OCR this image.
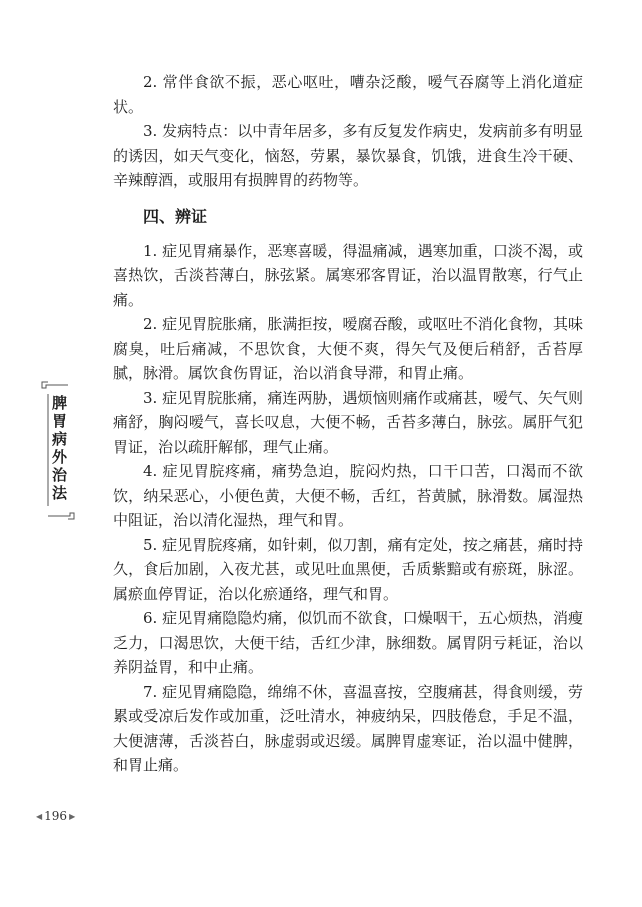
2. 常伴食欲不振，恶心呕吐，嘈杂泛酸，嗳气吞腐等上消化道症状。

3. 发病特点：以中青年居多，多有反复发作病史，发病前多有明显的诱因，如天气变化，恼怒，劳累，暴饮暴食，饥饿，进食生冷干硬、辛辣醇酒，或服用有损脾胃的药物等。

四、辨证

1. 症见胃痛暴作，恶寒喜暖，得温痛减，遇寒加重，口淡不渴，或喜热饮，舌淡苔薄白，脉弦紧。属寒邪客胃证，治以温胃散寒，行气止痛。

2. 症见胃脘胀痛，胀满拒按，嗳腐吞酸，或呕吐不消化食物，其味腐臭，吐后痛减，不思饮食，大便不爽，得矢气及便后稍舒，舌苔厚腻，脉滑。属饮食伤胃证，治以消食导滞，和胃止痛。

3. 症见胃脘胀痛，痛连两胁，遇烦恼则痛作或痛甚，嗳气、矢气则痛舒，胸闷嗳气，喜长叹息，大便不畅，舌苔多薄白，脉弦。属肝气犯胃证，治以疏肝解郁，理气止痛。

4. 症见胃脘疼痛，痛势急迫，脘闷灼热，口干口苦，口渴而不欲饮，纳呆恶心，小便色黄，大便不畅，舌红，苔黄腻，脉滑数。属湿热中阻证，治以清化湿热，理气和胃。

5. 症见胃脘疼痛，如针刺，似刀割，痛有定处，按之痛甚，痛时持久，食后加剧，入夜尤甚，或见吐血黑便，舌质紫黯或有瘀斑，脉涩。属瘀血停胃证，治以化瘀通络，理气和胃。

6. 症见胃痛隐隐灼痛，似饥而不欲食，口燥咽干，五心烦热，消瘦乏力，口渴思饮，大便干结，舌红少津，脉细数。属胃阴亏耗证，治以养阴益胃，和中止痛。

7. 症见胃痛隐隐，绵绵不休，喜温喜按，空腹痛甚，得食则缓，劳累或受凉后发作或加重，泛吐清水，神疲纳呆，四肢倦怠，手足不温，大便溏薄，舌淡苔白，脉虚弱或迟缓。属脾胃虚寒证，治以温中健脾，和胃止痛。

脾胃病外治法
◀ 196 ▶
